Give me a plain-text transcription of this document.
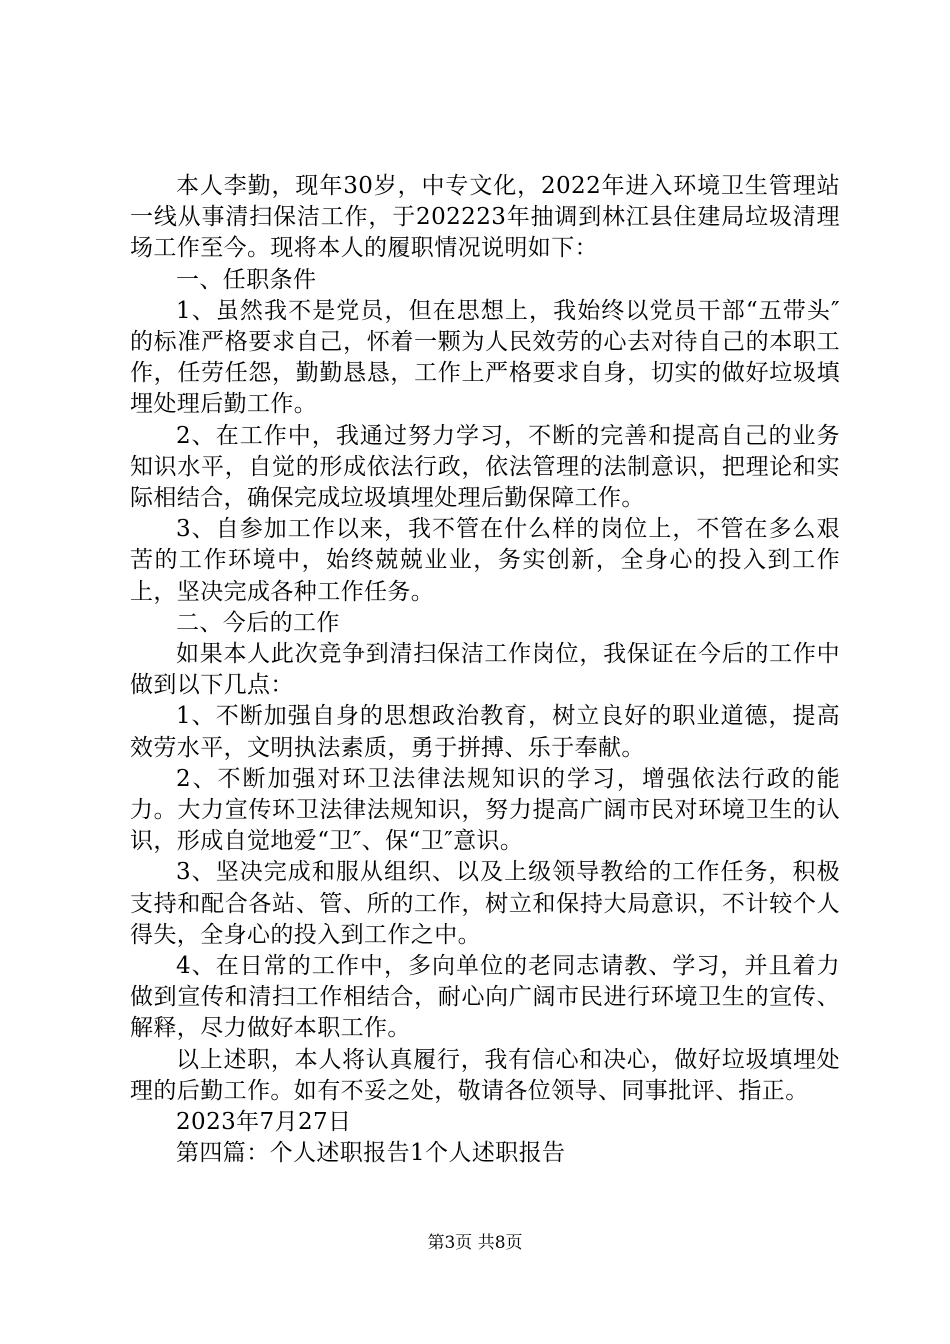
本人李勤，现年30岁，中专文化，2022年进入环境卫生管理站一线从事清扫保洁工作，于202223年抽调到林江县住建局垃圾清理场工作至今。现将本人的履职情况说明如下：

一、任职条件

1、虽然我不是党员，但在思想上，我始终以党员干部“五带头″的标准严格要求自己，怀着一颗为人民效劳的心去对待自己的本职工作，任劳任怨，勤勤恳恳，工作上严格要求自身，切实的做好垃圾填埋处理后勤工作。

2、在工作中，我通过努力学习，不断的完善和提高自己的业务知识水平，自觉的形成依法行政，依法管理的法制意识，把理论和实际相结合，确保完成垃圾填埋处理后勤保障工作。

3、自参加工作以来，我不管在什么样的岗位上，不管在多么艰苦的工作环境中，始终兢兢业业，务实创新，全身心的投入到工作上，坚决完成各种工作任务。

二、今后的工作

如果本人此次竞争到清扫保洁工作岗位，我保证在今后的工作中做到以下几点：

1、不断加强自身的思想政治教育，树立良好的职业道德，提高效劳水平，文明执法素质，勇于拼搏、乐于奉献。

2、不断加强对环卫法律法规知识的学习，增强依法行政的能力。大力宣传环卫法律法规知识，努力提高广阔市民对环境卫生的认识，形成自觉地爱“卫″、保“卫″意识。

3、坚决完成和服从组织、以及上级领导教给的工作任务，积极支持和配合各站、管、所的工作，树立和保持大局意识，不计较个人得失，全身心的投入到工作之中。

4、在日常的工作中，多向单位的老同志请教、学习，并且着力做到宣传和清扫工作相结合，耐心向广阔市民进行环境卫生的宣传、解释，尽力做好本职工作。

以上述职，本人将认真履行，我有信心和决心，做好垃圾填埋处理的后勤工作。如有不妥之处，敬请各位领导、同事批评、指正。

2023年7月27日

第四篇：个人述职报告1个人述职报告

第3页 共8页
